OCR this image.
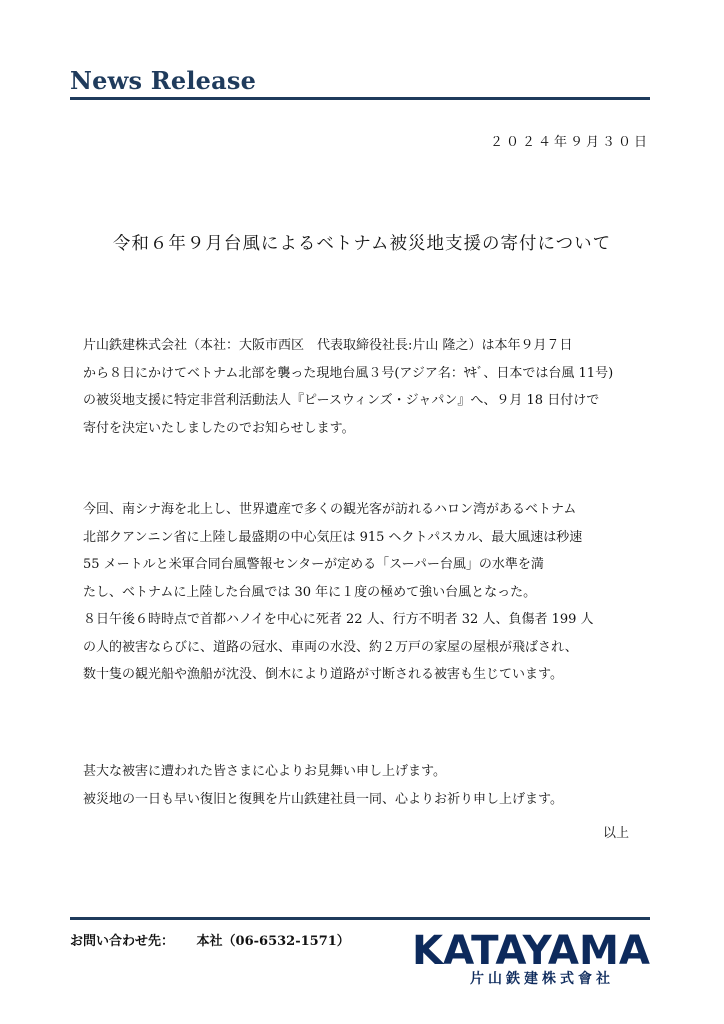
News Release
２０２４年９月３０日
令和６年９月台風によるベトナム被災地支援の寄付について
片山鉄建株式会社（本社：大阪市西区　代表取締役社長:片山 隆之）は本年９月７日
から８日にかけてベトナム北部を襲った現地台風３号(アジア名：ﾔｷﾞ、日本では台風 11号)
の被災地支援に特定非営利活動法人『ピースウィンズ・ジャパン』へ、９月 18 日付けで
寄付を決定いたしましたのでお知らせします。
今回、南シナ海を北上し、世界遺産で多くの観光客が訪れるハロン湾があるベトナム
北部クアンニン省に上陸し最盛期の中心気圧は 915 ヘクトパスカル、最大風速は秒速
55 メートルと米軍合同台風警報センターが定める「スーパー台風」の水準を満
たし、ベトナムに上陸した台風では 30 年に１度の極めて強い台風となった。
８日午後６時時点で首都ハノイを中心に死者 22 人、行方不明者 32 人、負傷者 199 人
の人的被害ならびに、道路の冠水、車両の水没、約２万戸の家屋の屋根が飛ばされ、
数十隻の観光船や漁船が沈没、倒木により道路が寸断される被害も生じています。
甚大な被害に遭われた皆さまに心よりお見舞い申し上げます。
被災地の一日も早い復旧と復興を片山鉄建社員一同、心よりお祈り申し上げます。
以上
お問い合わせ先： 本社（06-6532-1571） KATAYAMA
片山鉄建株式會社
